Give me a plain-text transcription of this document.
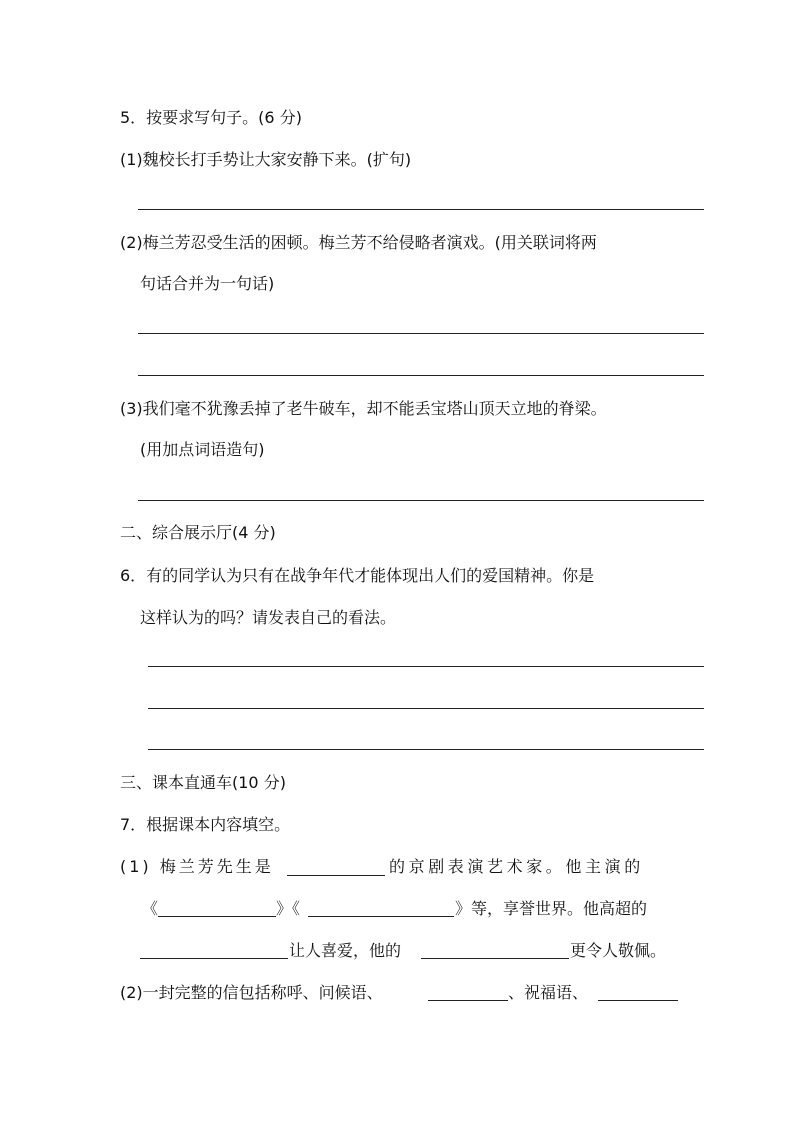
5．按要求写句子。(6 分)
(1)魏校长打手势让大家安静下来。(扩句)
(2)梅兰芳忍受生活的困顿。梅兰芳不给侵略者演戏。(用关联词将两
句话合并为一句话)
(3)我们毫不犹豫丢掉了老牛破车，却不能丢宝塔山顶天立地的脊梁。
(用加点词语造句)
二、综合展示厅(4 分)
6．有的同学认为只有在战争年代才能体现出人们的爱国精神。你是
这样认为的吗？请发表自己的看法。
三、课本直通车(10 分)
7．根据课本内容填空。
(1) 梅兰芳先生是	的京剧表演艺术家。他主演的
《	》《	》等，享誉世界。他高超的
让人喜爱，他的	更令人敬佩。
(2)一封完整的信包括称呼、问候语、	、祝福语、
